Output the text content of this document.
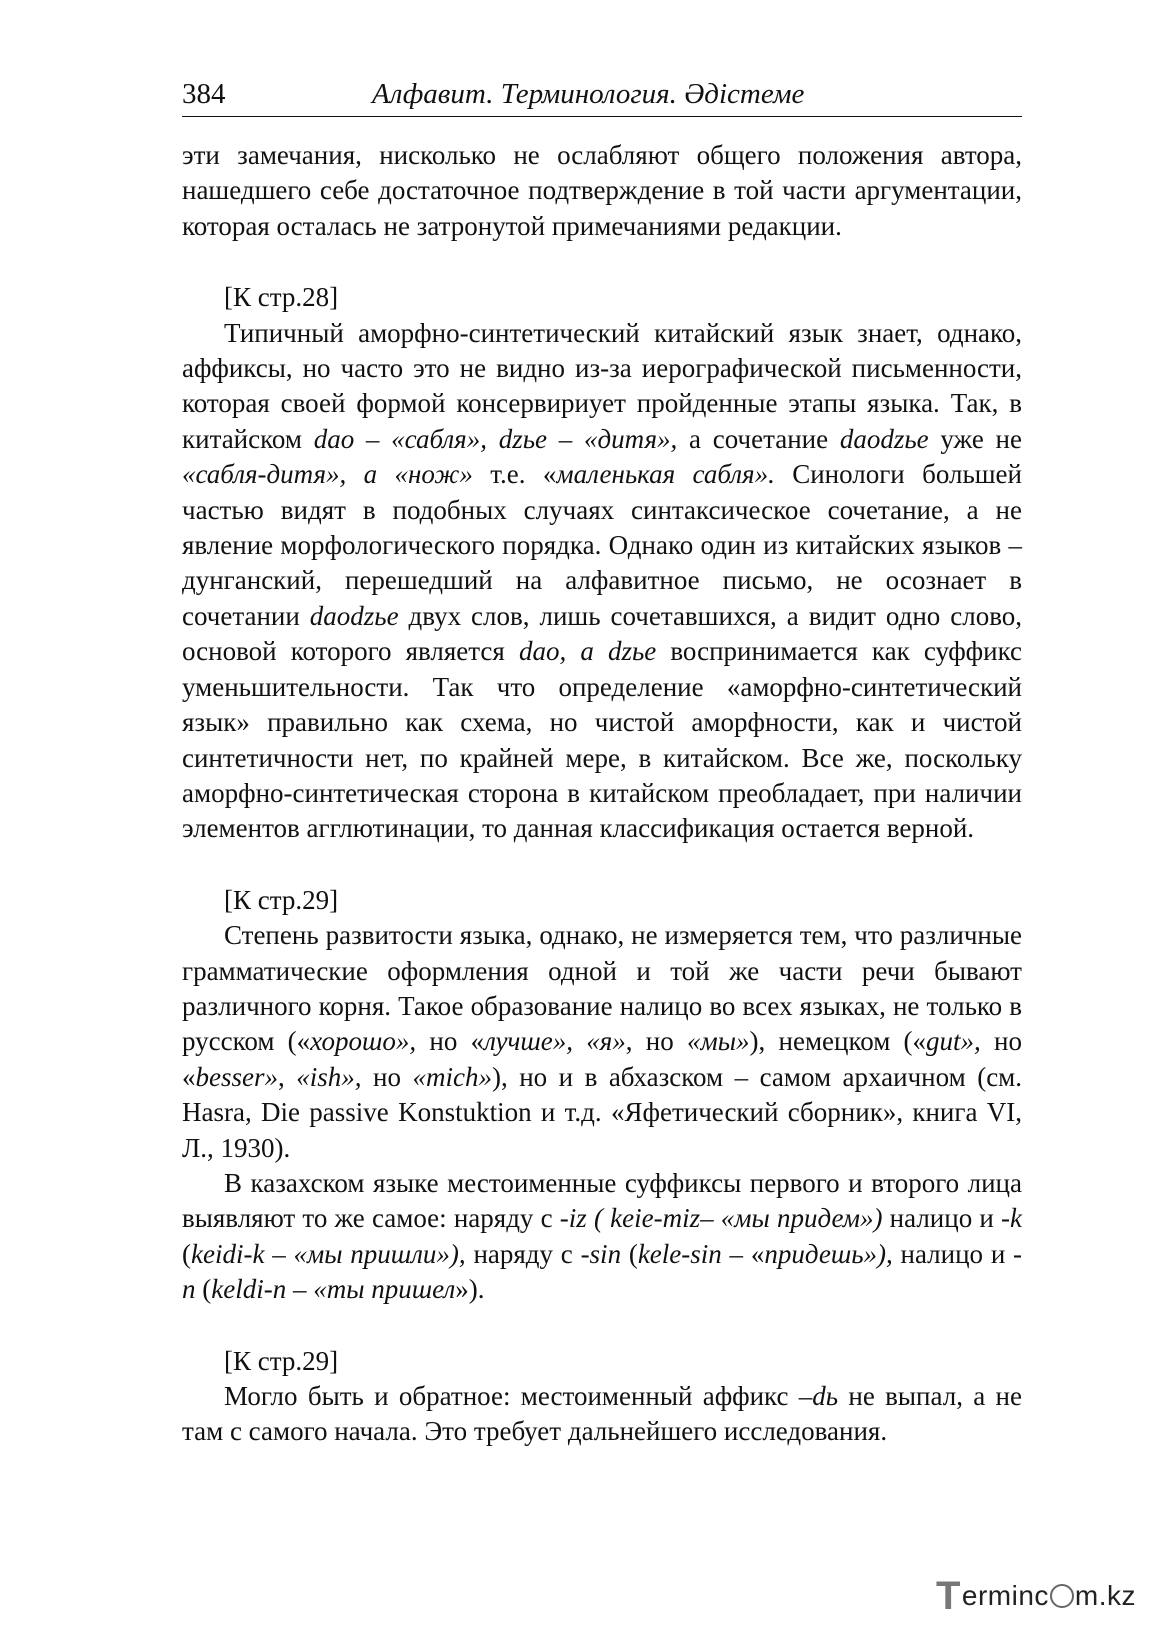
384	Алфавит. Терминология. Әдістеме

эти замечания, нисколько не ослабляют общего положения автора, нашедшего себе достаточное подтверждение в той части аргументации, которая осталась не затронутой примечаниями редакции.

[К стр.28]

Типичный аморфно-синтетический китайский язык знает, однако, аффиксы, но часто это не видно из-за иерографической письменности, которая своей формой консервириует пройденные этапы языка. Так, в китайском dao – «сабля», dzье – «дитя», а сочетание daodzье уже не «сабля-дитя», а «нож» т.е. «маленькая сабля». Синологи большей частью видят в подобных случаях синтаксическое сочетание, а не явление морфологического порядка. Однако один из китайских языков – дунганский, перешедший на алфавитное письмо, не осознает в сочетании daodzье двух слов, лишь сочетавшихся, а видит одно слово, основой которого является dao, a dzье воспринимается как суффикс уменьшительности. Так что определение «аморфно-синтетический язык» правильно как схема, но чистой аморфности, как и чистой синтетичности нет, по крайней мере, в китайском. Все же, поскольку аморфно-синтетическая сторона в китайском преобладает, при наличии элементов агглютинации, то данная классификация остается верной.

[К стр.29]

Степень развитости языка, однако, не измеряется тем, что различные грамматические оформления одной и той же части речи бывают различного корня. Такое образование налицо во всех языках, не только в русском («хорошо», но «лучше», «я», но «мы»), немецком («gut», но «besser», «ish», но «mich»), но и в абхазском – самом архаичном (см. Hasra, Die passive Konstuktion и т.д. «Яфетический сборник», книга VI, Л., 1930).

В казахском языке местоименные суффиксы первого и второго лица выявляют то же самое: наряду с -iz ( keie-miz– «мы придем») налицо и -k (keidi-k – «мы пришли»), наряду с -sin (kele-sin – «придешь»), налицо и -n (keldi-n – «ты пришел»).

[К стр.29]

Могло быть и обратное: местоименный аффикс –dь не выпал, а не там с самого начала. Это требует дальнейшего исследования.

Terminc m.kz
